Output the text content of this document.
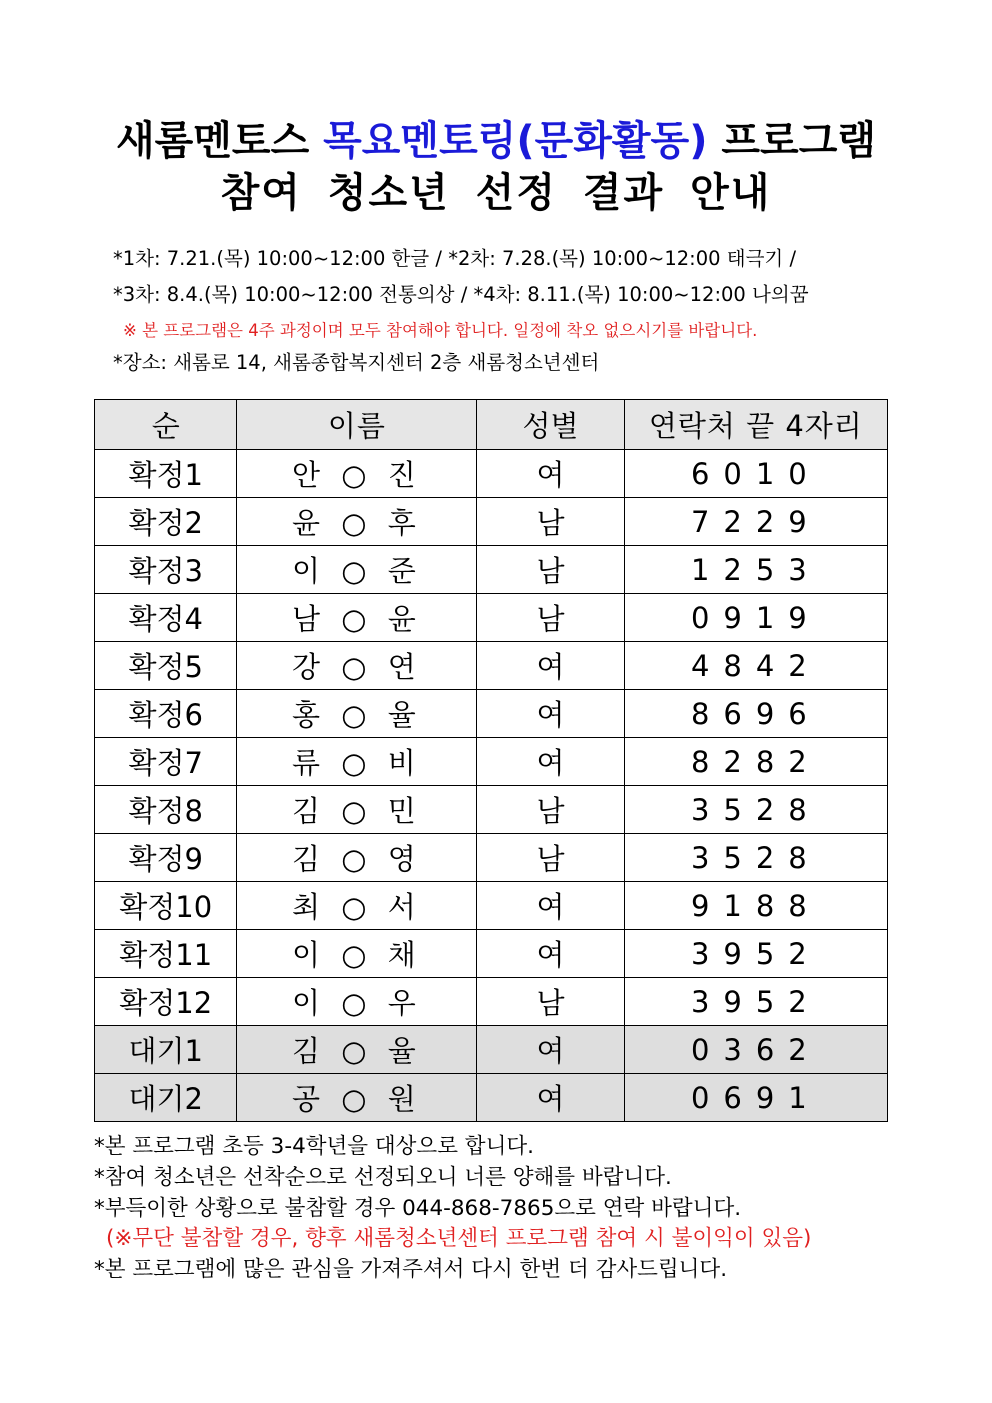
새롬멘토스 목요멘토링(문화활동) 프로그램
참여 청소년 선정 결과 안내
*1차: 7.21.(목) 10:00~12:00 한글 / *2차: 7.28.(목) 10:00~12:00 태극기 /
*3차: 8.4.(목) 10:00~12:00 전통의상 / *4차: 8.11.(목) 10:00~12:00 나의꿈
※ 본 프로그램은 4주 과정이며 모두 참여해야 합니다. 일정에 착오 없으시기를 바랍니다.
*장소: 새롬로 14, 새롬종합복지센터 2층 새롬청소년센터
순	이름	성별	연락처 끝 4자리
확정1	안 ○ 진	여	6010
확정2	윤 ○ 후	남	7229
확정3	이 ○ 준	남	1253
확정4	남 ○ 윤	남	0919
확정5	강 ○ 연	여	4842
확정6	홍 ○ 율	여	8696
확정7	류 ○ 비	여	8282
확정8	김 ○ 민	남	3528
확정9	김 ○ 영	남	3528
확정10	최 ○ 서	여	9188
확정11	이 ○ 채	여	3952
확정12	이 ○ 우	남	3952
대기1	김 ○ 율	여	0362
대기2	공 ○ 원	여	0691
*본 프로그램 초등 3-4학년을 대상으로 합니다.
*참여 청소년은 선착순으로 선정되오니 너른 양해를 바랍니다.
*부득이한 상황으로 불참할 경우 044-868-7865으로 연락 바랍니다.
(※무단 불참할 경우, 향후 새롬청소년센터 프로그램 참여 시 불이익이 있음)
*본 프로그램에 많은 관심을 가져주셔서 다시 한번 더 감사드립니다.
